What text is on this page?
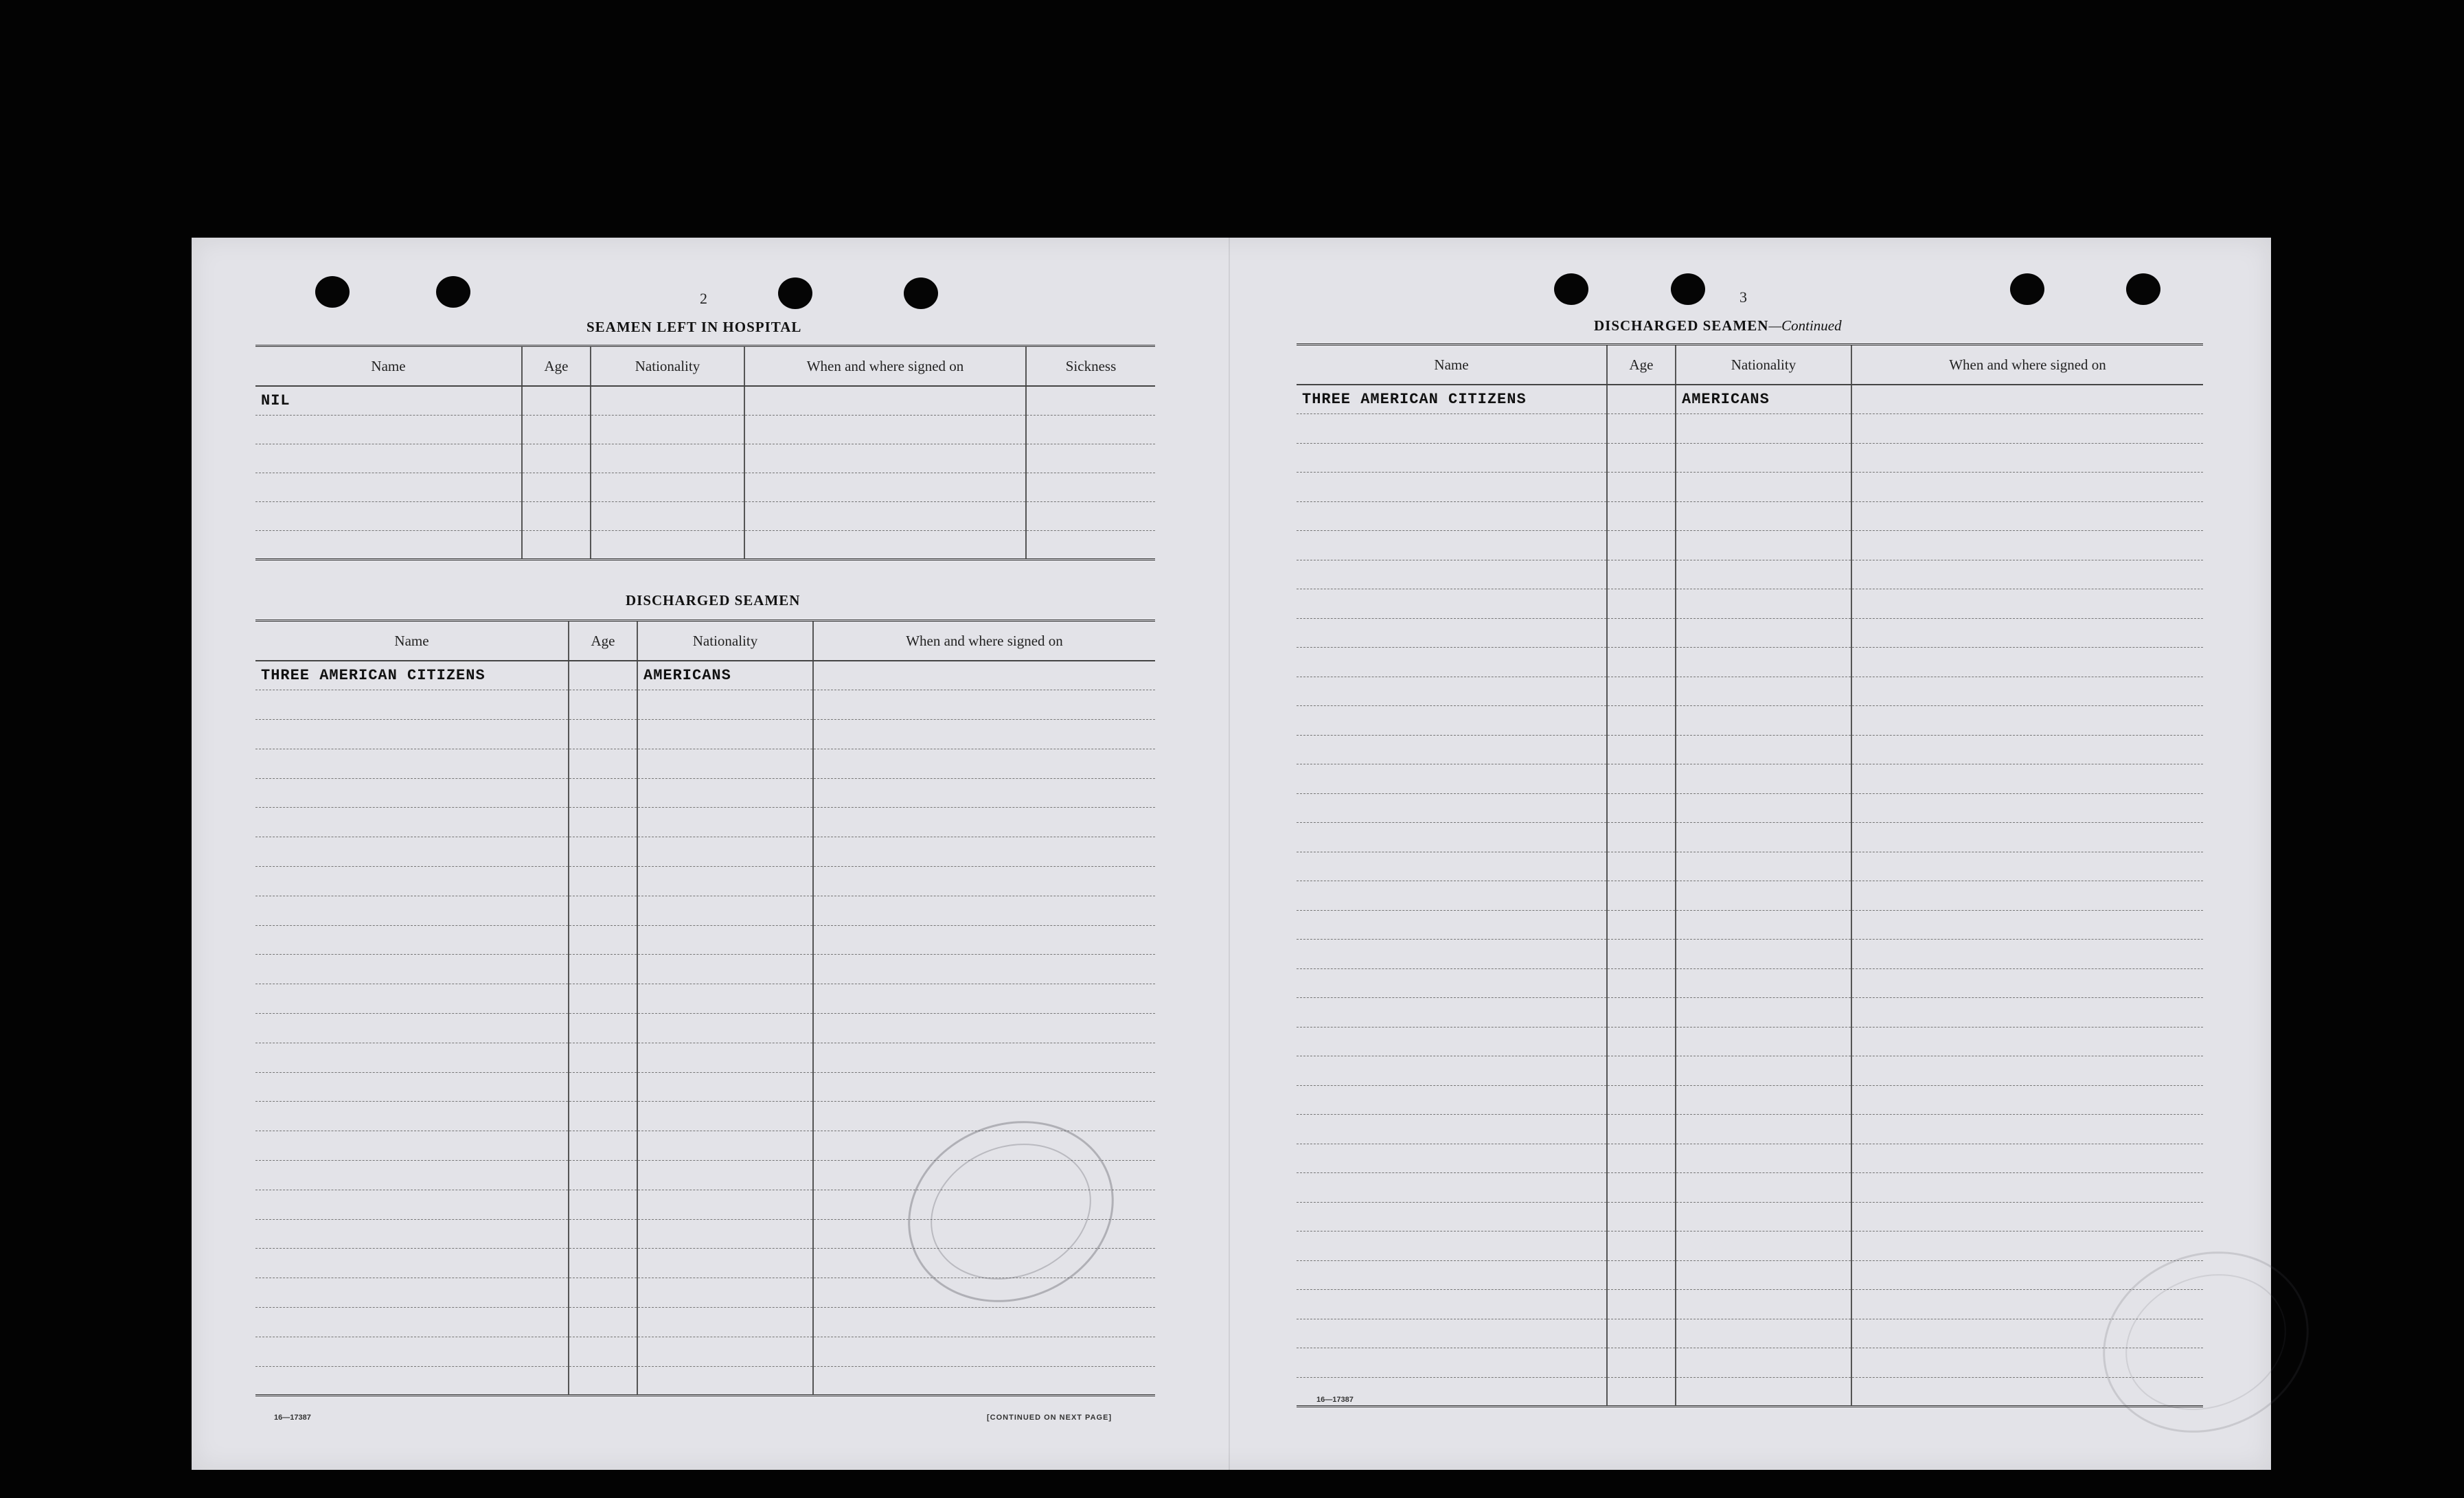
2
SEAMEN LEFT IN HOSPITAL
Name	Age	Nationality	When and where signed on	Sickness
NIL				

DISCHARGED SEAMEN
Name	Age	Nationality	When and where signed on
THREE AMERICAN CITIZENS		AMERICANS	

16—17387	[CONTINUED ON NEXT PAGE]
3
DISCHARGED SEAMEN—Continued
Name	Age	Nationality	When and where signed on
THREE AMERICAN CITIZENS		AMERICANS	

16—17387
